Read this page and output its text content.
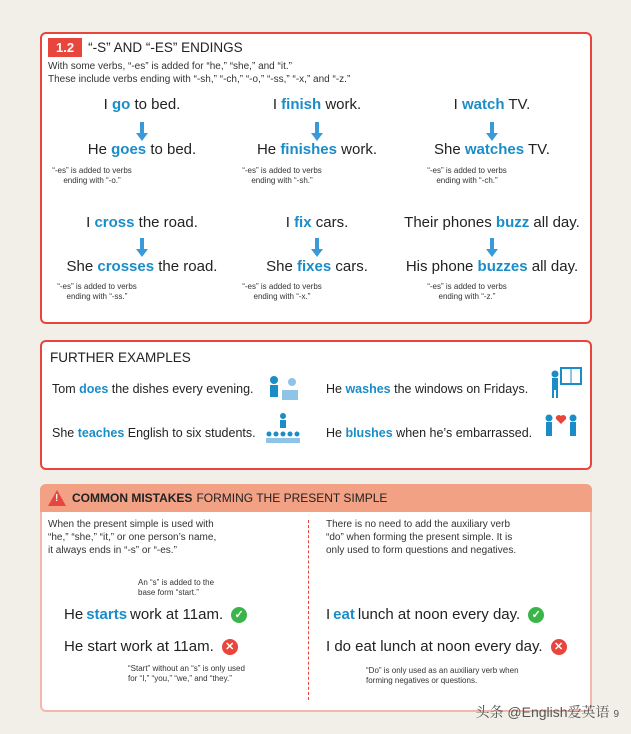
1.2	“-S” AND “-ES” ENDINGS
With some verbs, “-es” is added for “he,” “she,” and “it.”
These include verbs ending with “-sh,” “-ch,” “-o,” “-ss,” “-x,” and “-z.”
I go to bed.
He goes to bed.
“-es” is added to verbs ending with “-o.”
I finish work.
He finishes work.
“-es” is added to verbs ending with “-sh.”
I watch TV.
She watches TV.
“-es” is added to verbs ending with “-ch.”
I cross the road.
She crosses the road.
“-es” is added to verbs ending with “-ss.”
I fix cars.
She fixes cars.
“-es” is added to verbs ending with “-x.”
Their phones buzz all day.
His phone buzzes all day.
“-es” is added to verbs ending with “-z.”
FURTHER EXAMPLES
Tom does the dishes every evening.	He washes the windows on Fridays.
She teaches English to six students.	He blushes when he’s embarrassed.
! COMMON MISTAKES FORMING THE PRESENT SIMPLE
When the present simple is used with
“he,” “she,” “it,” or one person’s name,
it always ends in “-s” or “-es.”
There is no need to add the auxiliary verb
“do” when forming the present simple. It is
only used to form questions and negatives.
An “s” is added to the
base form “start.”
He starts work at 11am.	✓
He start work at 11am.	✕
“Start” without an “s” is only used
for “I,” “you,” “we,” and “they.”
I eat lunch at noon every day.	✓
I do eat lunch at noon every day.	✕
“Do” is only used as an auxiliary verb when
forming negatives or questions.
头条 @English爱英语 9
